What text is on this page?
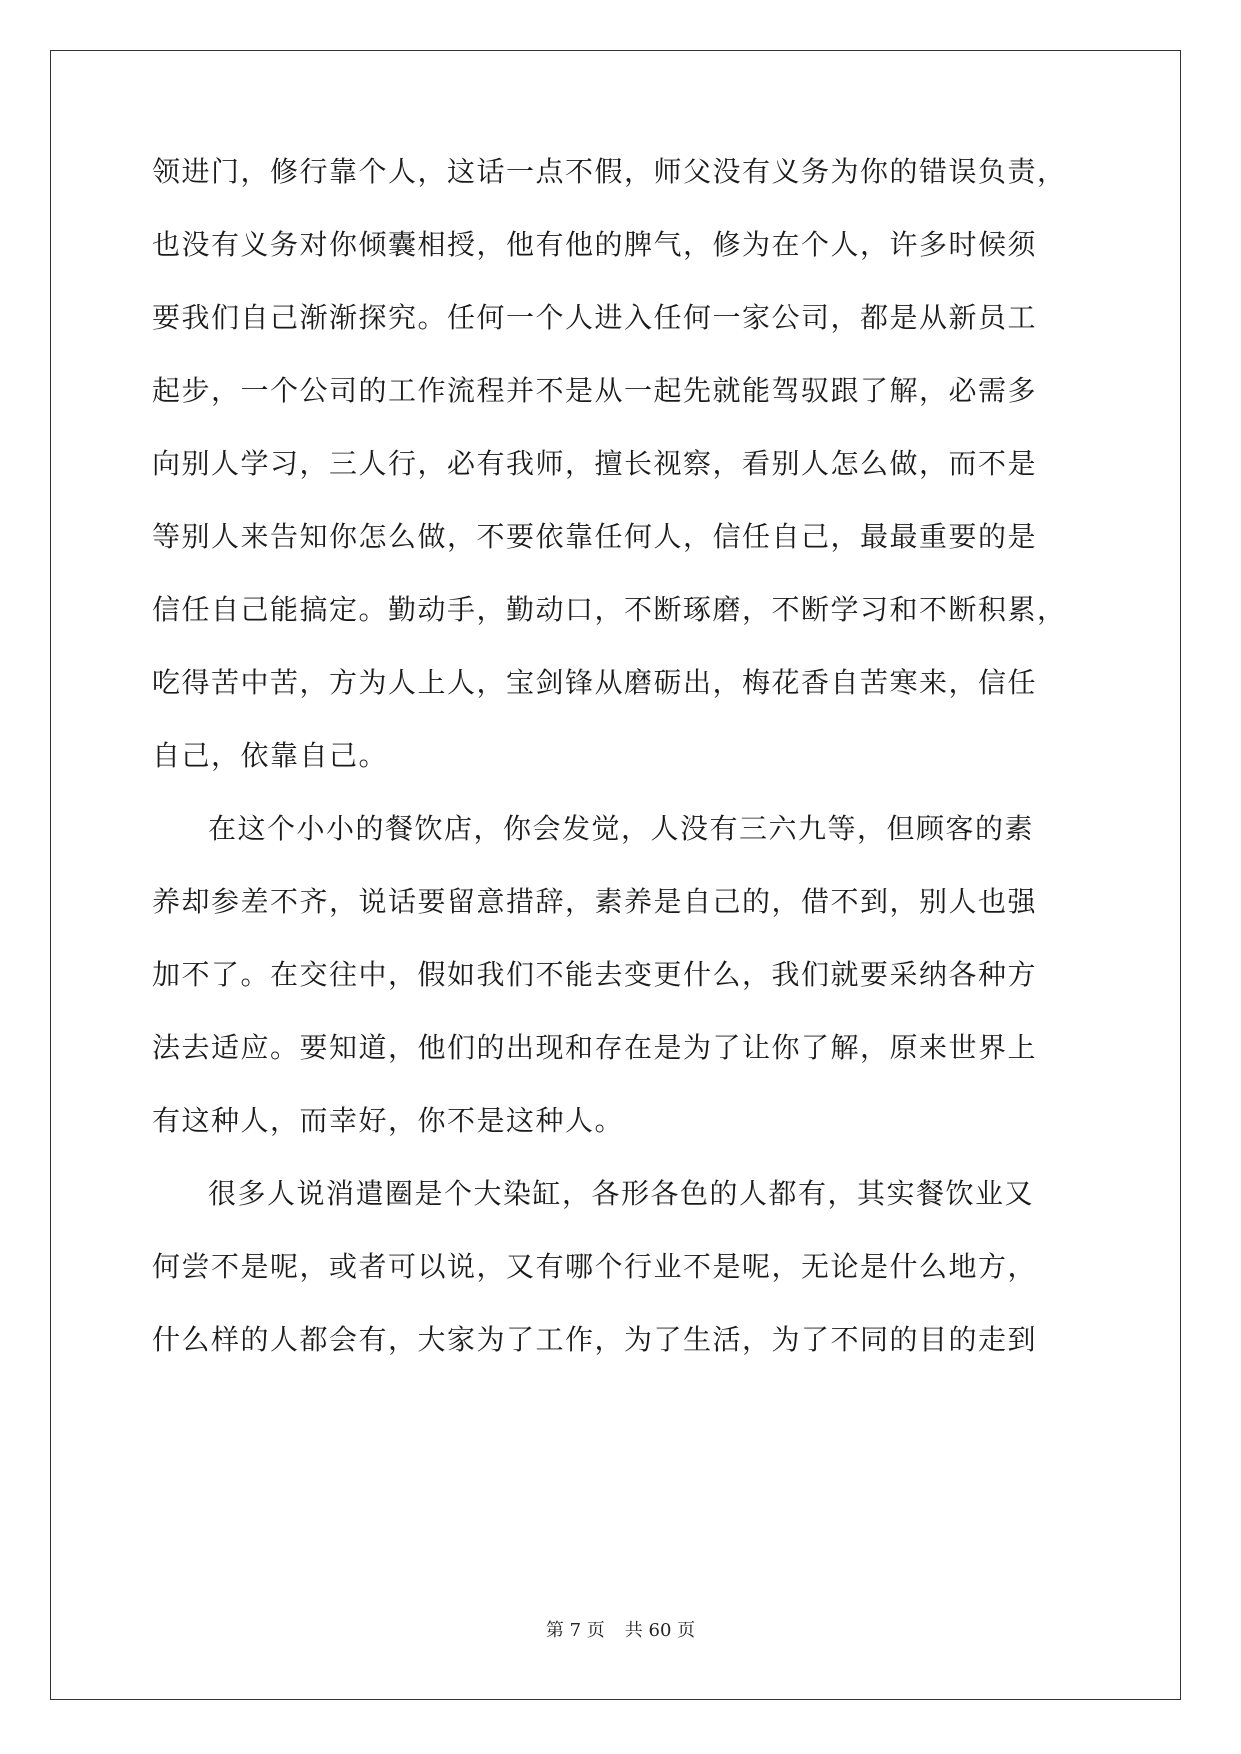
领进门，修行靠个人，这话一点不假，师父没有义务为你的错误负责，

也没有义务对你倾囊相授，他有他的脾气，修为在个人，许多时候须

要我们自己渐渐探究。任何一个人进入任何一家公司，都是从新员工

起步，一个公司的工作流程并不是从一起先就能驾驭跟了解，必需多

向别人学习，三人行，必有我师，擅长视察，看别人怎么做，而不是

等别人来告知你怎么做，不要依靠任何人，信任自己，最最重要的是

信任自己能搞定。勤动手，勤动口，不断琢磨，不断学习和不断积累，

吃得苦中苦，方为人上人，宝剑锋从磨砺出，梅花香自苦寒来，信任

自己，依靠自己。

在这个小小的餐饮店，你会发觉，人没有三六九等，但顾客的素

养却参差不齐，说话要留意措辞，素养是自己的，借不到，别人也强

加不了。在交往中，假如我们不能去变更什么，我们就要采纳各种方

法去适应。要知道，他们的出现和存在是为了让你了解，原来世界上

有这种人，而幸好，你不是这种人。

很多人说消遣圈是个大染缸，各形各色的人都有，其实餐饮业又

何尝不是呢，或者可以说，又有哪个行业不是呢，无论是什么地方，

什么样的人都会有，大家为了工作，为了生活，为了不同的目的走到

第 7 页 共 60 页
